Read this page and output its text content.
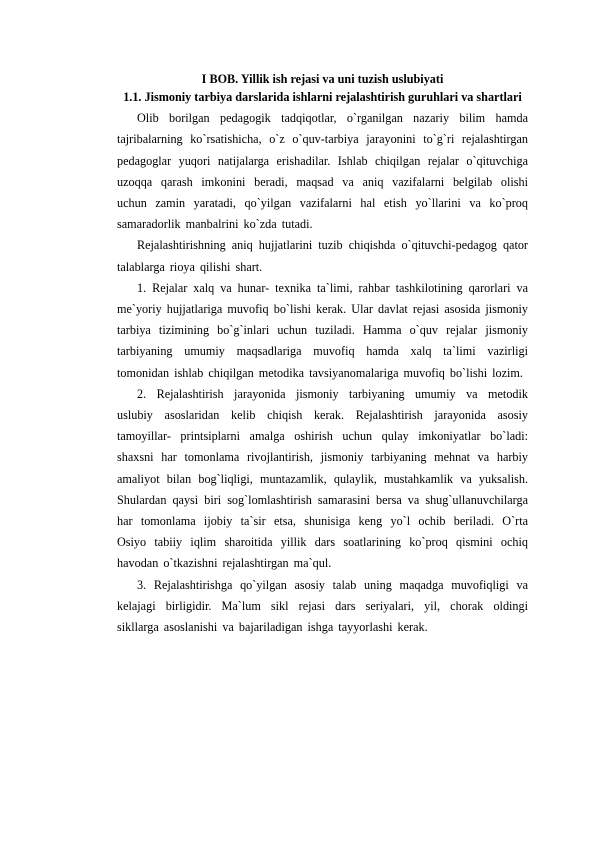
I BOB. Yillik ish rejasi va uni tuzish uslubiyati

1.1. Jismoniy tarbiya darslarida ishlarni rejalashtirish guruhlari va shartlari

Olib borilgan pedagogik tadqiqotlar, o`rganilgan nazariy bilim hamda tajribalarning ko`rsatishicha, o`z o`quv-tarbiya jarayonini to`g`ri rejalashtirgan pedagoglar yuqori natijalarga erishadilar. Ishlab chiqilgan rejalar o`qituvchiga uzoqqa qarash imkonini beradi, maqsad va aniq vazifalarni belgilab olishi uchun zamin yaratadi, qo`yilgan vazifalarni hal etish yo`llarini va ko`proq samaradorlik manbalrini ko`zda tutadi.

Rejalashtirishning aniq hujjatlarini tuzib chiqishda o`qituvchi-pedagog qator talablarga rioya qilishi shart.

1. Rejalar xalq va hunar- texnika ta`limi, rahbar tashkilotining qarorlari va me`yoriy hujjatlariga muvofiq bo`lishi kerak. Ular davlat rejasi asosida jismoniy tarbiya tizimining bo`g`inlari uchun tuziladi. Hamma o`quv rejalar jismoniy tarbiyaning umumiy maqsadlariga muvofiq hamda xalq ta`limi vazirligi tomonidan ishlab chiqilgan metodika tavsiyanomalariga muvofiq bo`lishi lozim.

2. Rejalashtirish jarayonida jismoniy tarbiyaning umumiy va metodik uslubiy asoslaridan kelib chiqish kerak. Rejalashtirish jarayonida asosiy tamoyillar- printsiplarni amalga oshirish uchun qulay imkoniyatlar bo`ladi: shaxsni har tomonlama rivojlantirish, jismoniy tarbiyaning mehnat va harbiy amaliyot bilan bog`liqligi, muntazamlik, qulaylik, mustahkamlik va yuksalish. Shulardan qaysi biri sog`lomlashtirish samarasini bersa va shug`ullanuvchilarga har tomonlama ijobiy ta`sir etsa, shunisiga keng yo`l ochib beriladi. O`rta Osiyo tabiiy iqlim sharoitida yillik dars soatlarining ko`proq qismini ochiq havodan o`tkazishni rejalashtirgan ma`qul.

3. Rejalashtirishga qo`yilgan asosiy talab uning maqadga muvofiqligi va kelajagi birligidir. Ma`lum sikl rejasi dars seriyalari, yil, chorak oldingi sikllarga asoslanishi va bajariladigan ishga tayyorlashi kerak.
